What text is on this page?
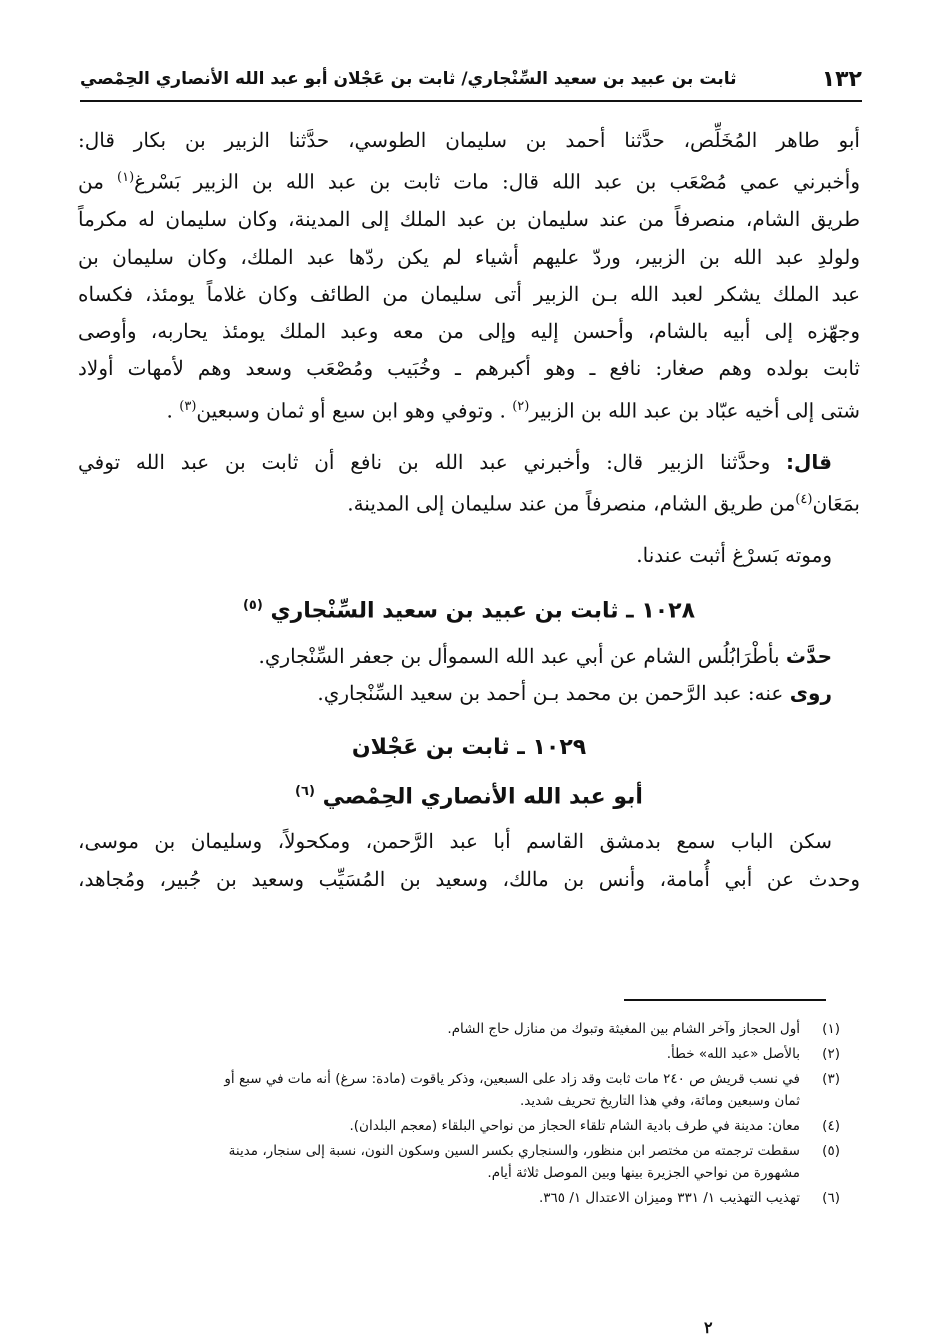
١٣٢
ثابت بن عبيد بن سعيد السِّنْجاري/ ثابت بن عَجْلان أبو عبد الله الأنصاري الحِمْصي

أبو طاهر المُخَلِّص، حدَّثنا أحمد بن سليمان الطوسي، حدَّثنا الزبير بن بكار قال:
وأخبرني عمي مُصْعَب بن عبد الله قال: مات ثابت بن عبد الله بن الزبير بَسْرغ$^{(١)}$ من
طريق الشام، منصرفاً من عند سليمان بن عبد الملك إلى المدينة، وكان سليمان له مكرماً
ولولدِ عبد الله بن الزبير، وردّ عليهم أشياء لم يكن ردّها عبد الملك، وكان سليمان بن
عبد الملك يشكر لعبد الله بـن الزبير أتى سليمان من الطائف وكان غلاماً يومئذ، فكساه
وجهّزه إلى أبيه بالشام، وأحسن إليه وإلى من معه وعبد الملك يومئذ يحاربه، وأوصى
ثابت بولده وهم صغار: نافع ـ وهو أكبرهم ـ وخُبَيب ومُصْعَب وسعد وهم لأمهات أولاد
شتى إلى أخيه عبّاد بن عبد الله بن الزبير$^{(٢)}$ . وتوفي وهو ابن سبع أو ثمان وسبعين$^{(٣)}$ .

قال: وحدَّثنا الزبير قال: وأخبرني عبد الله بن نافع أن ثابت بن عبد الله توفي
بمَعَان$^{(٤)}$من طريق الشام، منصرفاً من عند سليمان إلى المدينة.

وموته بَسرْغ أثبت عندنا.

١٠٢٨ ـ ثابت بن عبيد بن سعيد السِّنْجاري $^{(٥)}$

حدَّث بأطْرَابُلُس الشام عن أبي عبد الله السموأل بن جعفر السِّنْجاري.
روى عنه: عبد الرَّحمن بن محمد بـن أحمد بن سعيد السِّنْجاري.

١٠٢٩ ـ ثابت بن عَجْلان
أبو عبد الله الأنصاري الحِمْصي $^{(٦)}$

سكن الباب سمع بدمشق القاسم أبا عبد الرَّحمن، ومكحولاً، وسليمان بن موسى،
وحدث عن أبي أُمامة، وأنس بن مالك، وسعيد بن المُسَيِّب وسعيد بن جُبير، ومُجاهد،

(١)
أول الحجاز وآخر الشام بين المغيثة وتبوك من منازل حاج الشام.
(٢)
بالأصل «عبد الله» خطأ.
(٣)
في نسب قريش ص ٢٤٠ مات ثابت وقد زاد على السبعين، وذكر ياقوت (مادة: سرغ) أنه مات في سبع أو
ثمان وسبعين ومائة، وفي هذا التاريخ تحريف شديد.
(٤)
معان: مدينة في طرف بادية الشام تلقاء الحجاز من نواحي البلقاء (معجم البلدان).
(٥)
سقطت ترجمته من مختصر ابن منظور، والسنجاري بكسر السين وسكون النون، نسبة إلى سنجار، مدينة
مشهورة من نواحي الجزيرة بينها وبين الموصل ثلاثة أيام.
(٦)
تهذيب التهذيب ١/ ٣٣١ وميزان الاعتدال ١/ ٣٦٥.
٢
